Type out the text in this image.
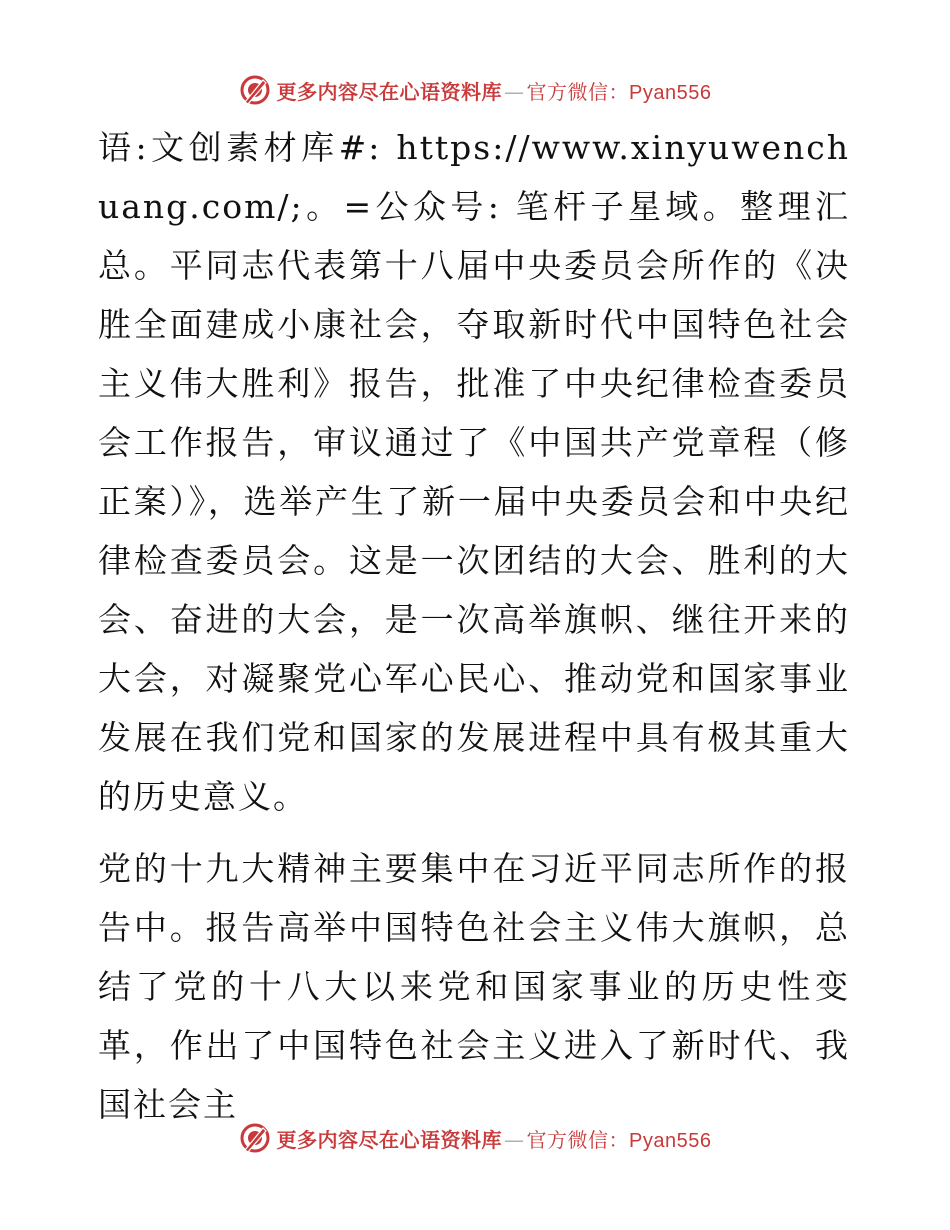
更多内容尽在心语资料库 — 官方微信： Pyan556

语:文创素材库#: https://www.xinyuwenchuang.com/;。=公众号: 笔杆子星域。整理汇总。平同志代表第十八届中央委员会所作的《决胜全面建成小康社会，夺取新时代中国特色社会主义伟大胜利》报告，批准了中央纪律检查委员会工作报告，审议通过了《中国共产党章程（修正案）》，选举产生了新一届中央委员会和中央纪律检查委员会。这是一次团结的大会、胜利的大会、奋进的大会，是一次高举旗帜、继往开来的大会，对凝聚党心军心民心、推动党和国家事业发展在我们党和国家的发展进程中具有极其重大的历史意义。

党的十九大精神主要集中在习近平同志所作的报告中。报告高举中国特色社会主义伟大旗帜，总结了党的十八大以来党和国家事业的历史性变革，作出了中国特色社会主义进入了新时代、我国社会主

更多内容尽在心语资料库 — 官方微信： Pyan556
